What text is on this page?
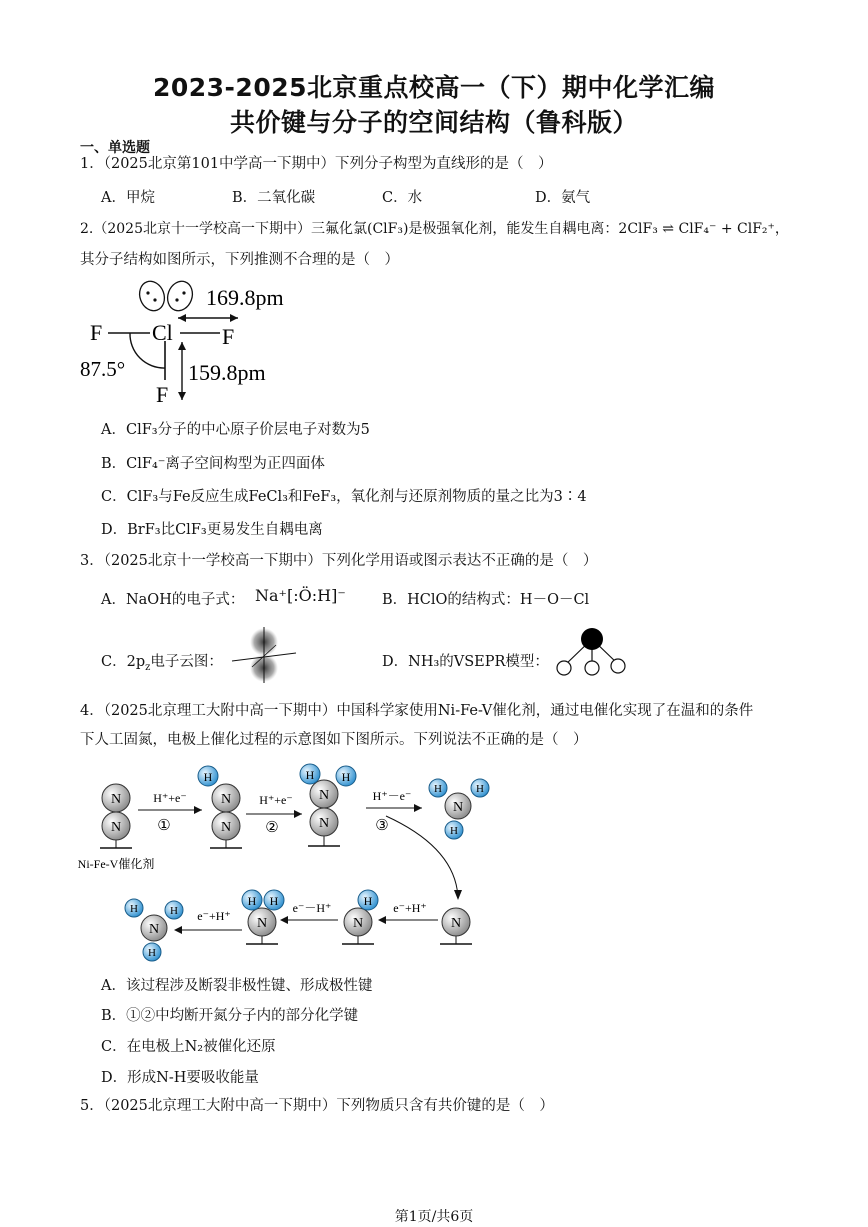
2023-2025北京重点校高一（下）期中化学汇编
共价键与分子的空间结构（鲁科版）
一、单选题
1．（2025北京第101中学高一下期中）下列分子构型为直线形的是（　）
A．甲烷	B．二氧化碳	C．水	D．氨气
2.（2025北京十一学校高一下期中）三氟化氯(ClF₃)是极强氧化剂，能发生自耦电离：2ClF₃ ⇌ ClF₄⁻ + ClF₂⁺，
其分子结构如图所示，下列推测不合理的是（　）
F Cl F
F
87.5°
169.8pm
159.8pm
A．ClF₃分子的中心原子价层电子对数为5
B．ClF₄⁻离子空间构型为正四面体
C．ClF₃与Fe反应生成FeCl₃和FeF₃，氧化剂与还原剂物质的量之比为3∶4
D．BrF₃比ClF₃更易发生自耦电离
3．（2025北京十一学校高一下期中）下列化学用语或图示表达不正确的是（　）
A．NaOH的电子式： Na⁺[:Ö:H]⁻ B．HClO的结构式：H－O－Cl
C．$2p_z$电子云图：	D．NH₃的VSEPR模型：
4．（2025北京理工大附中高一下期中）中国科学家使用Ni-Fe-V催化剂，通过电催化实现了在温和的条件
下人工固氮，电极上催化过程的示意图如下图所示。下列说法不正确的是（　）
N
N
Ni-Fe-V催化剂
H⁺+e⁻
①	N
N
H
H⁺+e⁻
②	N
N
H H
H⁺－e⁻
③
N
H	H
H
N
e⁻+H⁺
N
H
e⁻－H⁺
N
H H
e⁻+H⁺
N
H	H
H
A．该过程涉及断裂非极性键、形成极性键
B．①②中均断开氮分子内的部分化学键
C．在电极上N₂被催化还原
D．形成N-H要吸收能量
5．（2025北京理工大附中高一下期中）下列物质只含有共价键的是（　）
第1页/共6页
